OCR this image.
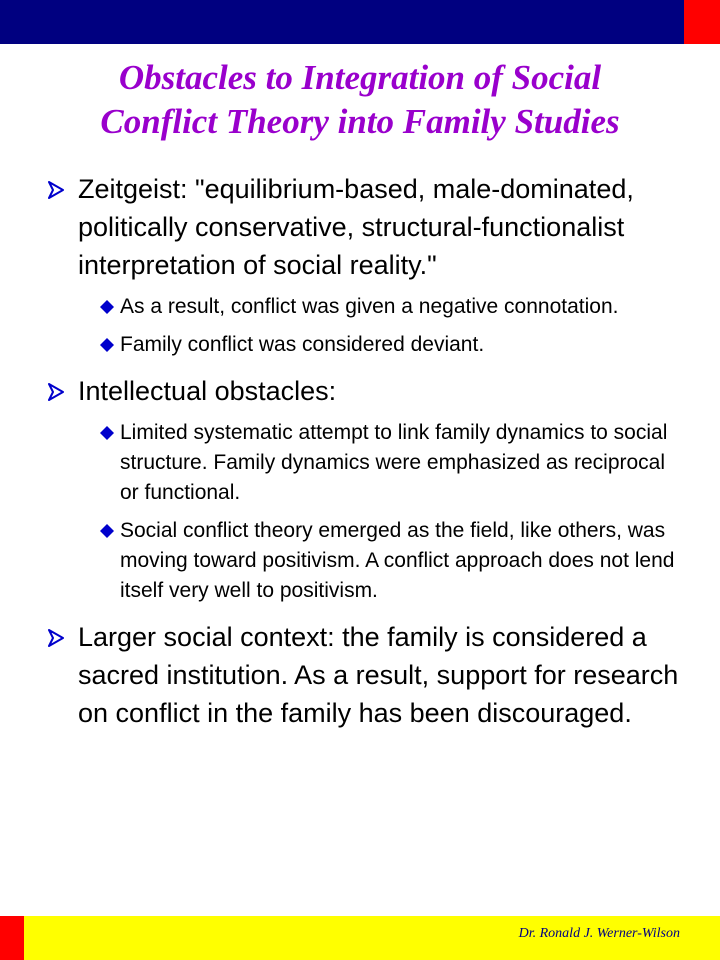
Obstacles to Integration of Social
Conflict Theory into Family Studies
Zeitgeist: "equilibrium-based, male-dominated, politically conservative, structural-functionalist interpretation of social reality."
As a result, conflict was given a negative connotation.
Family conflict was considered deviant.
Intellectual obstacles:
Limited systematic attempt to link family dynamics to social structure. Family dynamics were emphasized as reciprocal or functional.
Social conflict theory emerged as the field, like others, was moving toward positivism. A conflict approach does not lend itself very well to positivism.
Larger social context: the family is considered a sacred institution. As a result, support for research on conflict in the family has been discouraged.
Dr. Ronald J. Werner-Wilson
